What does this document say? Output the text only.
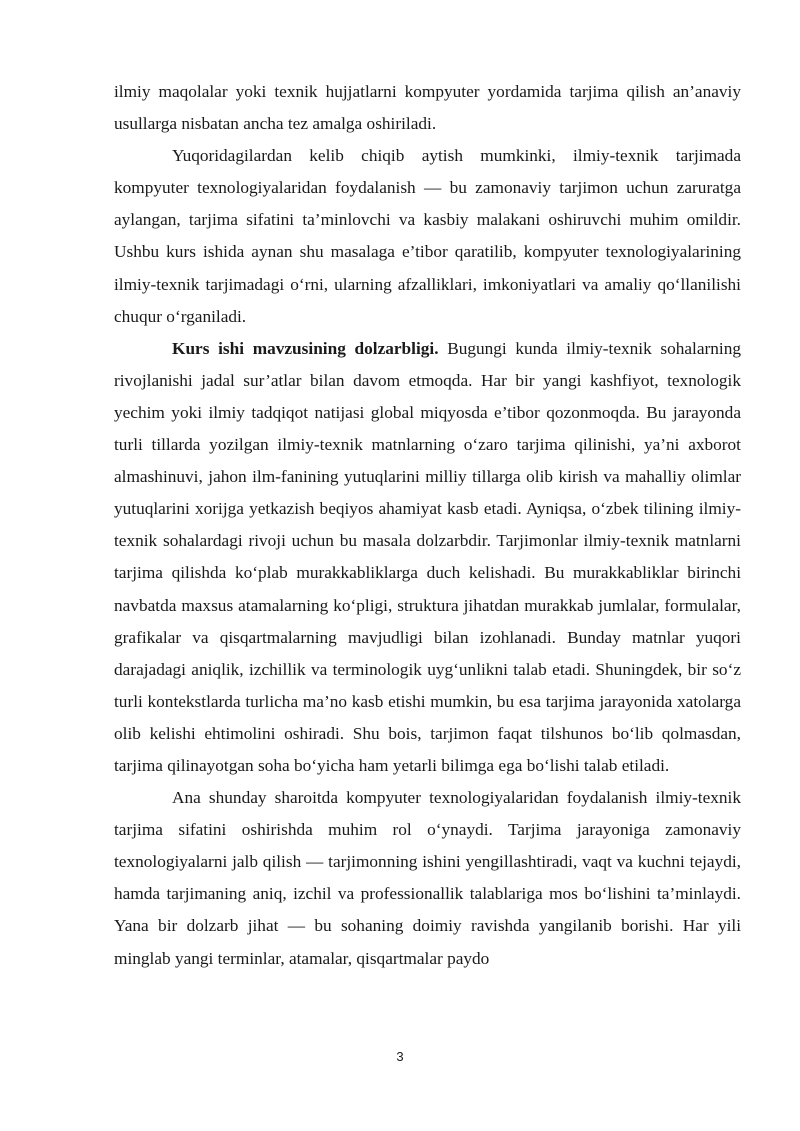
ilmiy maqolalar yoki texnik hujjatlarni kompyuter yordamida tarjima qilish an’anaviy usullarga nisbatan ancha tez amalga oshiriladi.

Yuqoridagilardan kelib chiqib aytish mumkinki, ilmiy-texnik tarjimada kompyuter texnologiyalaridan foydalanish — bu zamonaviy tarjimon uchun zaruratga aylangan, tarjima sifatini ta’minlovchi va kasbiy malakani oshiruvchi muhim omildir. Ushbu kurs ishida aynan shu masalaga e’tibor qaratilib, kompyuter texnologiyalarining ilmiy-texnik tarjimadagi o‘rni, ularning afzalliklari, imkoniyatlari va amaliy qo‘llanilishi chuqur o‘rganiladi.

Kurs ishi mavzusining dolzarbligi. Bugungi kunda ilmiy-texnik sohalarning rivojlanishi jadal sur’atlar bilan davom etmoqda. Har bir yangi kashfiyot, texnologik yechim yoki ilmiy tadqiqot natijasi global miqyosda e’tibor qozonmoqda. Bu jarayonda turli tillarda yozilgan ilmiy-texnik matnlarning o‘zaro tarjima qilinishi, ya’ni axborot almashinuvi, jahon ilm-fanining yutuqlarini milliy tillarga olib kirish va mahalliy olimlar yutuqlarini xorijga yetkazish beqiyos ahamiyat kasb etadi. Ayniqsa, o‘zbek tilining ilmiy-texnik sohalardagi rivoji uchun bu masala dolzarbdir. Tarjimonlar ilmiy-texnik matnlarni tarjima qilishda ko‘plab murakkabliklarga duch kelishadi. Bu murakkabliklar birinchi navbatda maxsus atamalarning ko‘pligi, struktura jihatdan murakkab jumlalar, formulalar, grafikalar va qisqartmalarning mavjudligi bilan izohlanadi. Bunday matnlar yuqori darajadagi aniqlik, izchillik va terminologik uyg‘unlikni talab etadi. Shuningdek, bir so‘z turli kontekstlarda turlicha ma’no kasb etishi mumkin, bu esa tarjima jarayonida xatolarga olib kelishi ehtimolini oshiradi. Shu bois, tarjimon faqat tilshunos bo‘lib qolmasdan, tarjima qilinayotgan soha bo‘yicha ham yetarli bilimga ega bo‘lishi talab etiladi.

Ana shunday sharoitda kompyuter texnologiyalaridan foydalanish ilmiy-texnik tarjima sifatini oshirishda muhim rol o‘ynaydi. Tarjima jarayoniga zamonaviy texnologiyalarni jalb qilish — tarjimonning ishini yengillashtiradi, vaqt va kuchni tejaydi, hamda tarjimaning aniq, izchil va professionallik talablariga mos bo‘lishini ta’minlaydi. Yana bir dolzarb jihat — bu sohaning doimiy ravishda yangilanib borishi. Har yili minglab yangi terminlar, atamalar, qisqartmalar paydo

3
